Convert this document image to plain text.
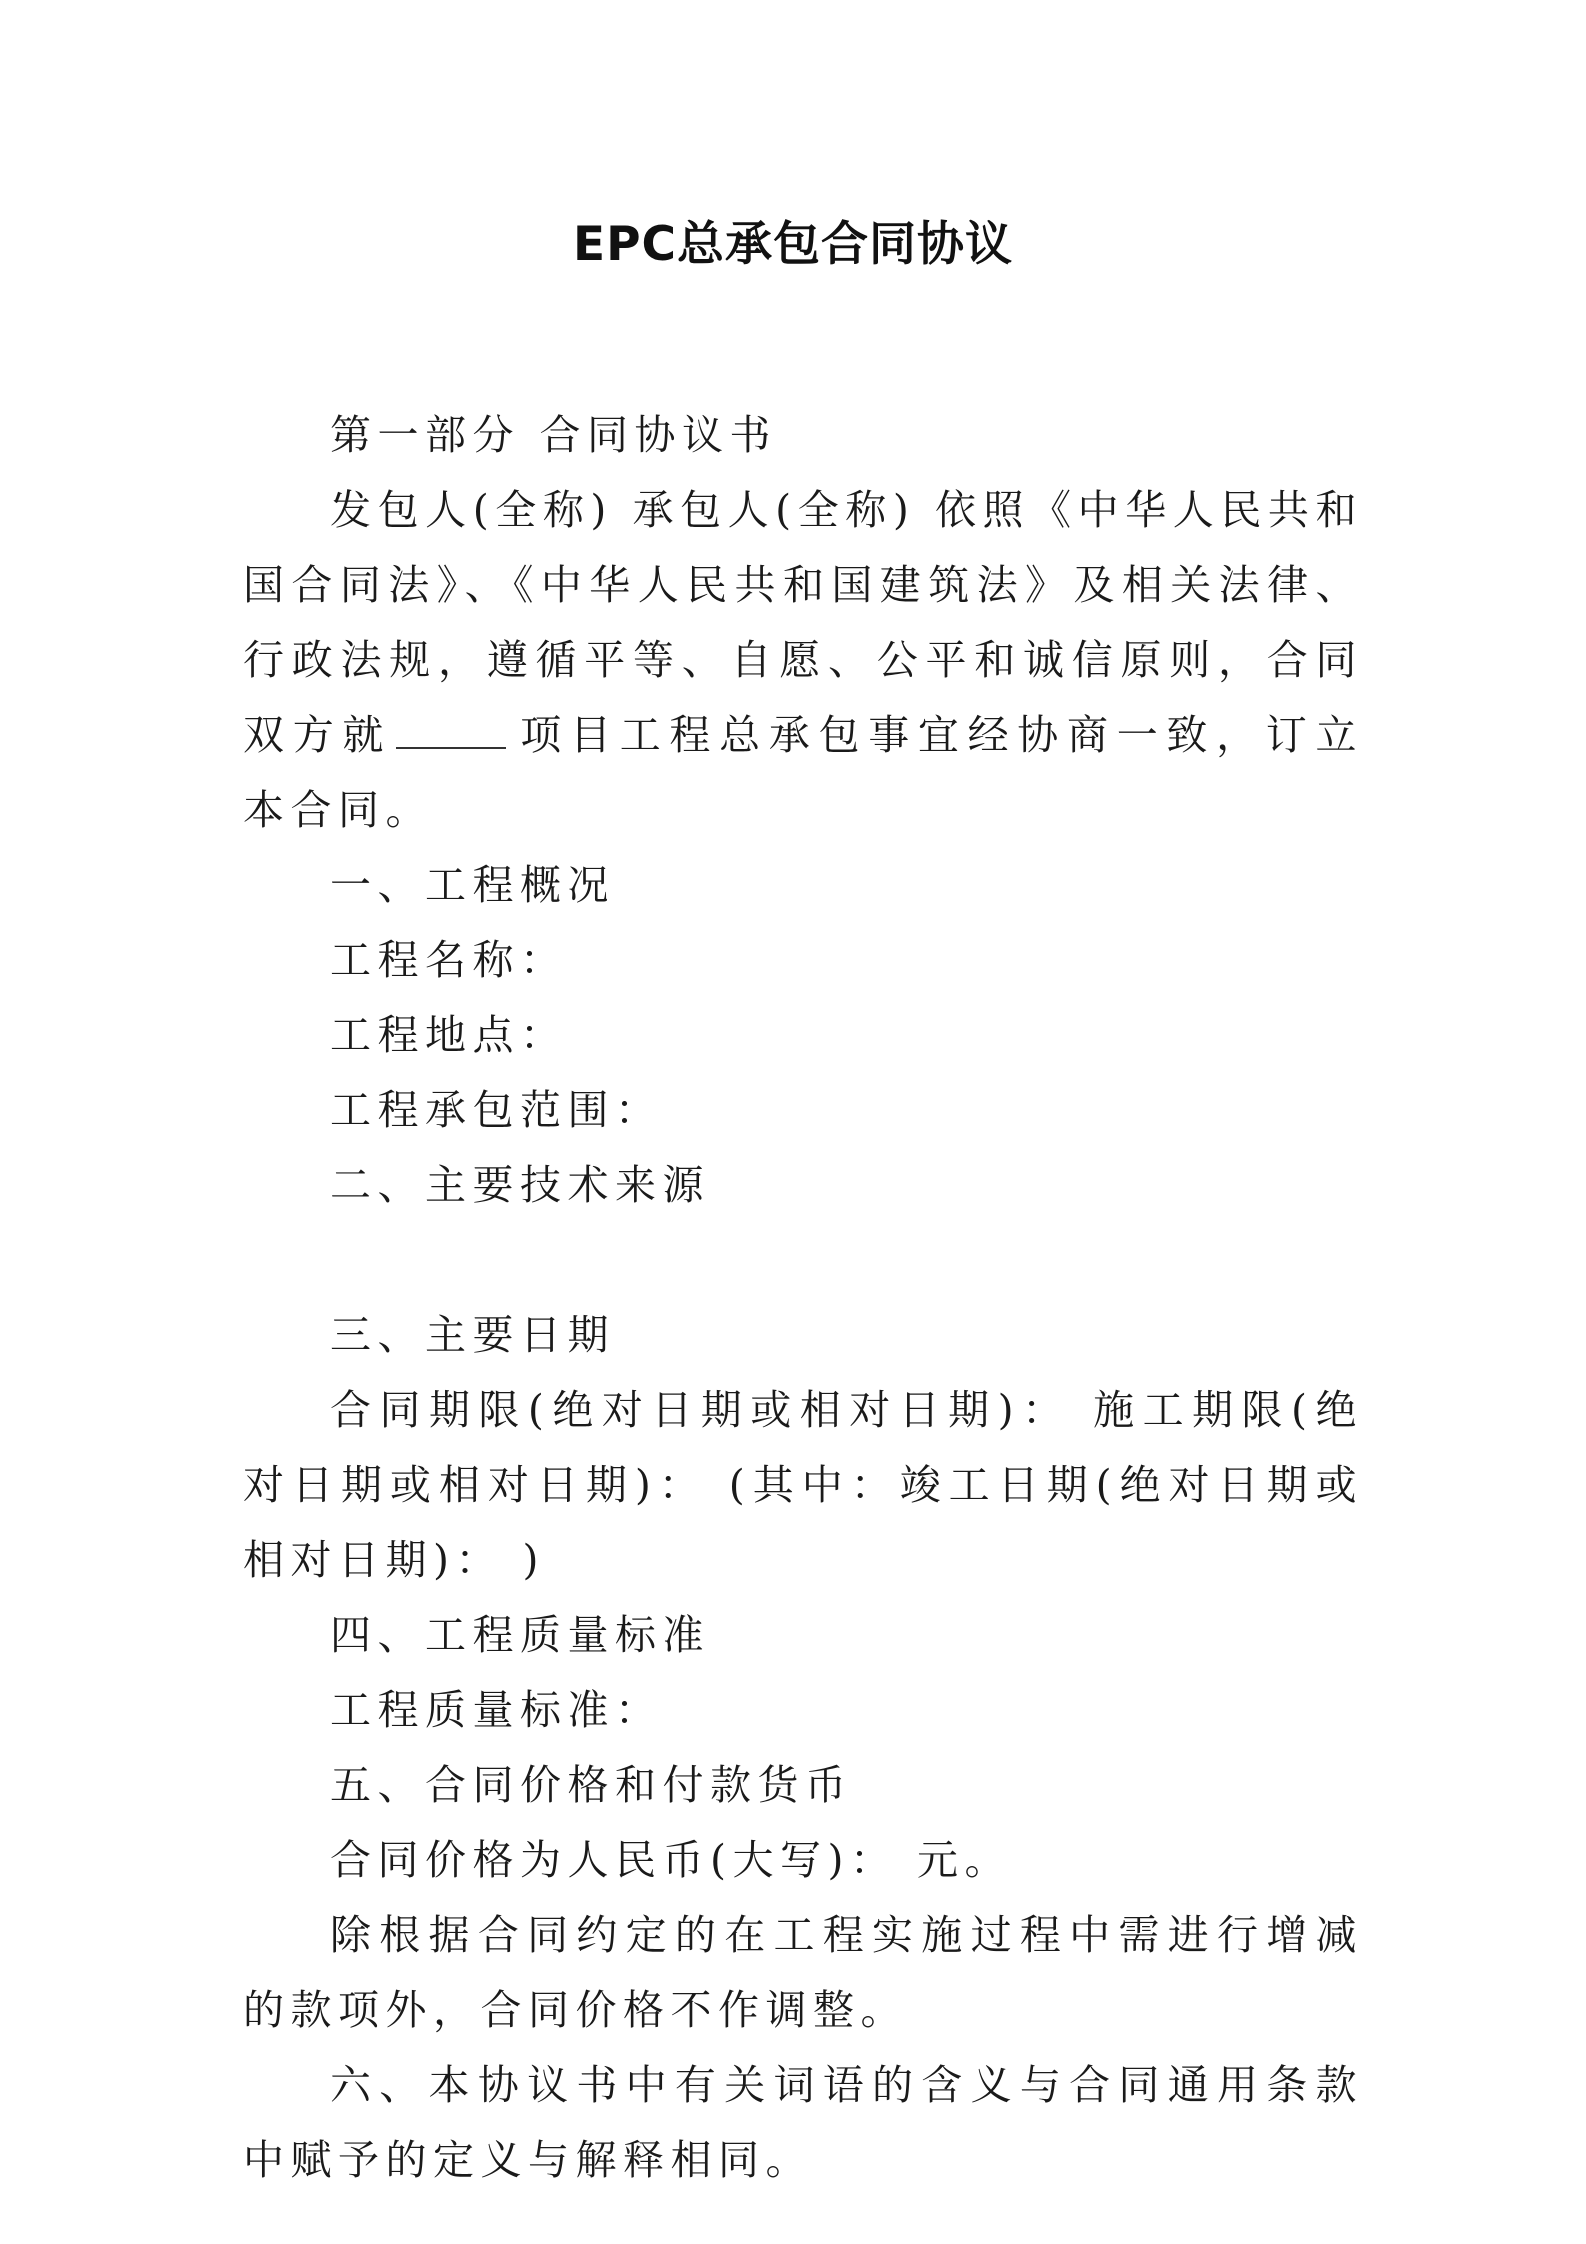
EPC总承包合同协议

第一部分 合同协议书

发包人(全称) 承包人(全称) 依照《中华人民共和国合同法》、《中华人民共和国建筑法》及相关法律、行政法规，遵循平等、自愿、公平和诚信原则，合同双方就	项目工程总承包事宜经协商一致，订立本合同。

一、工程概况

工程名称：

工程地点：

工程承包范围：

二、主要技术来源

三、主要日期

合同期限(绝对日期或相对日期)： 施工期限(绝对日期或相对日期)： (其中：竣工日期(绝对日期或相对日期)： )

四、工程质量标准

工程质量标准：

五、合同价格和付款货币

合同价格为人民币(大写)： 元。

除根据合同约定的在工程实施过程中需进行增减的款项外，合同价格不作调整。

六、本协议书中有关词语的含义与合同通用条款中赋予的定义与解释相同。
